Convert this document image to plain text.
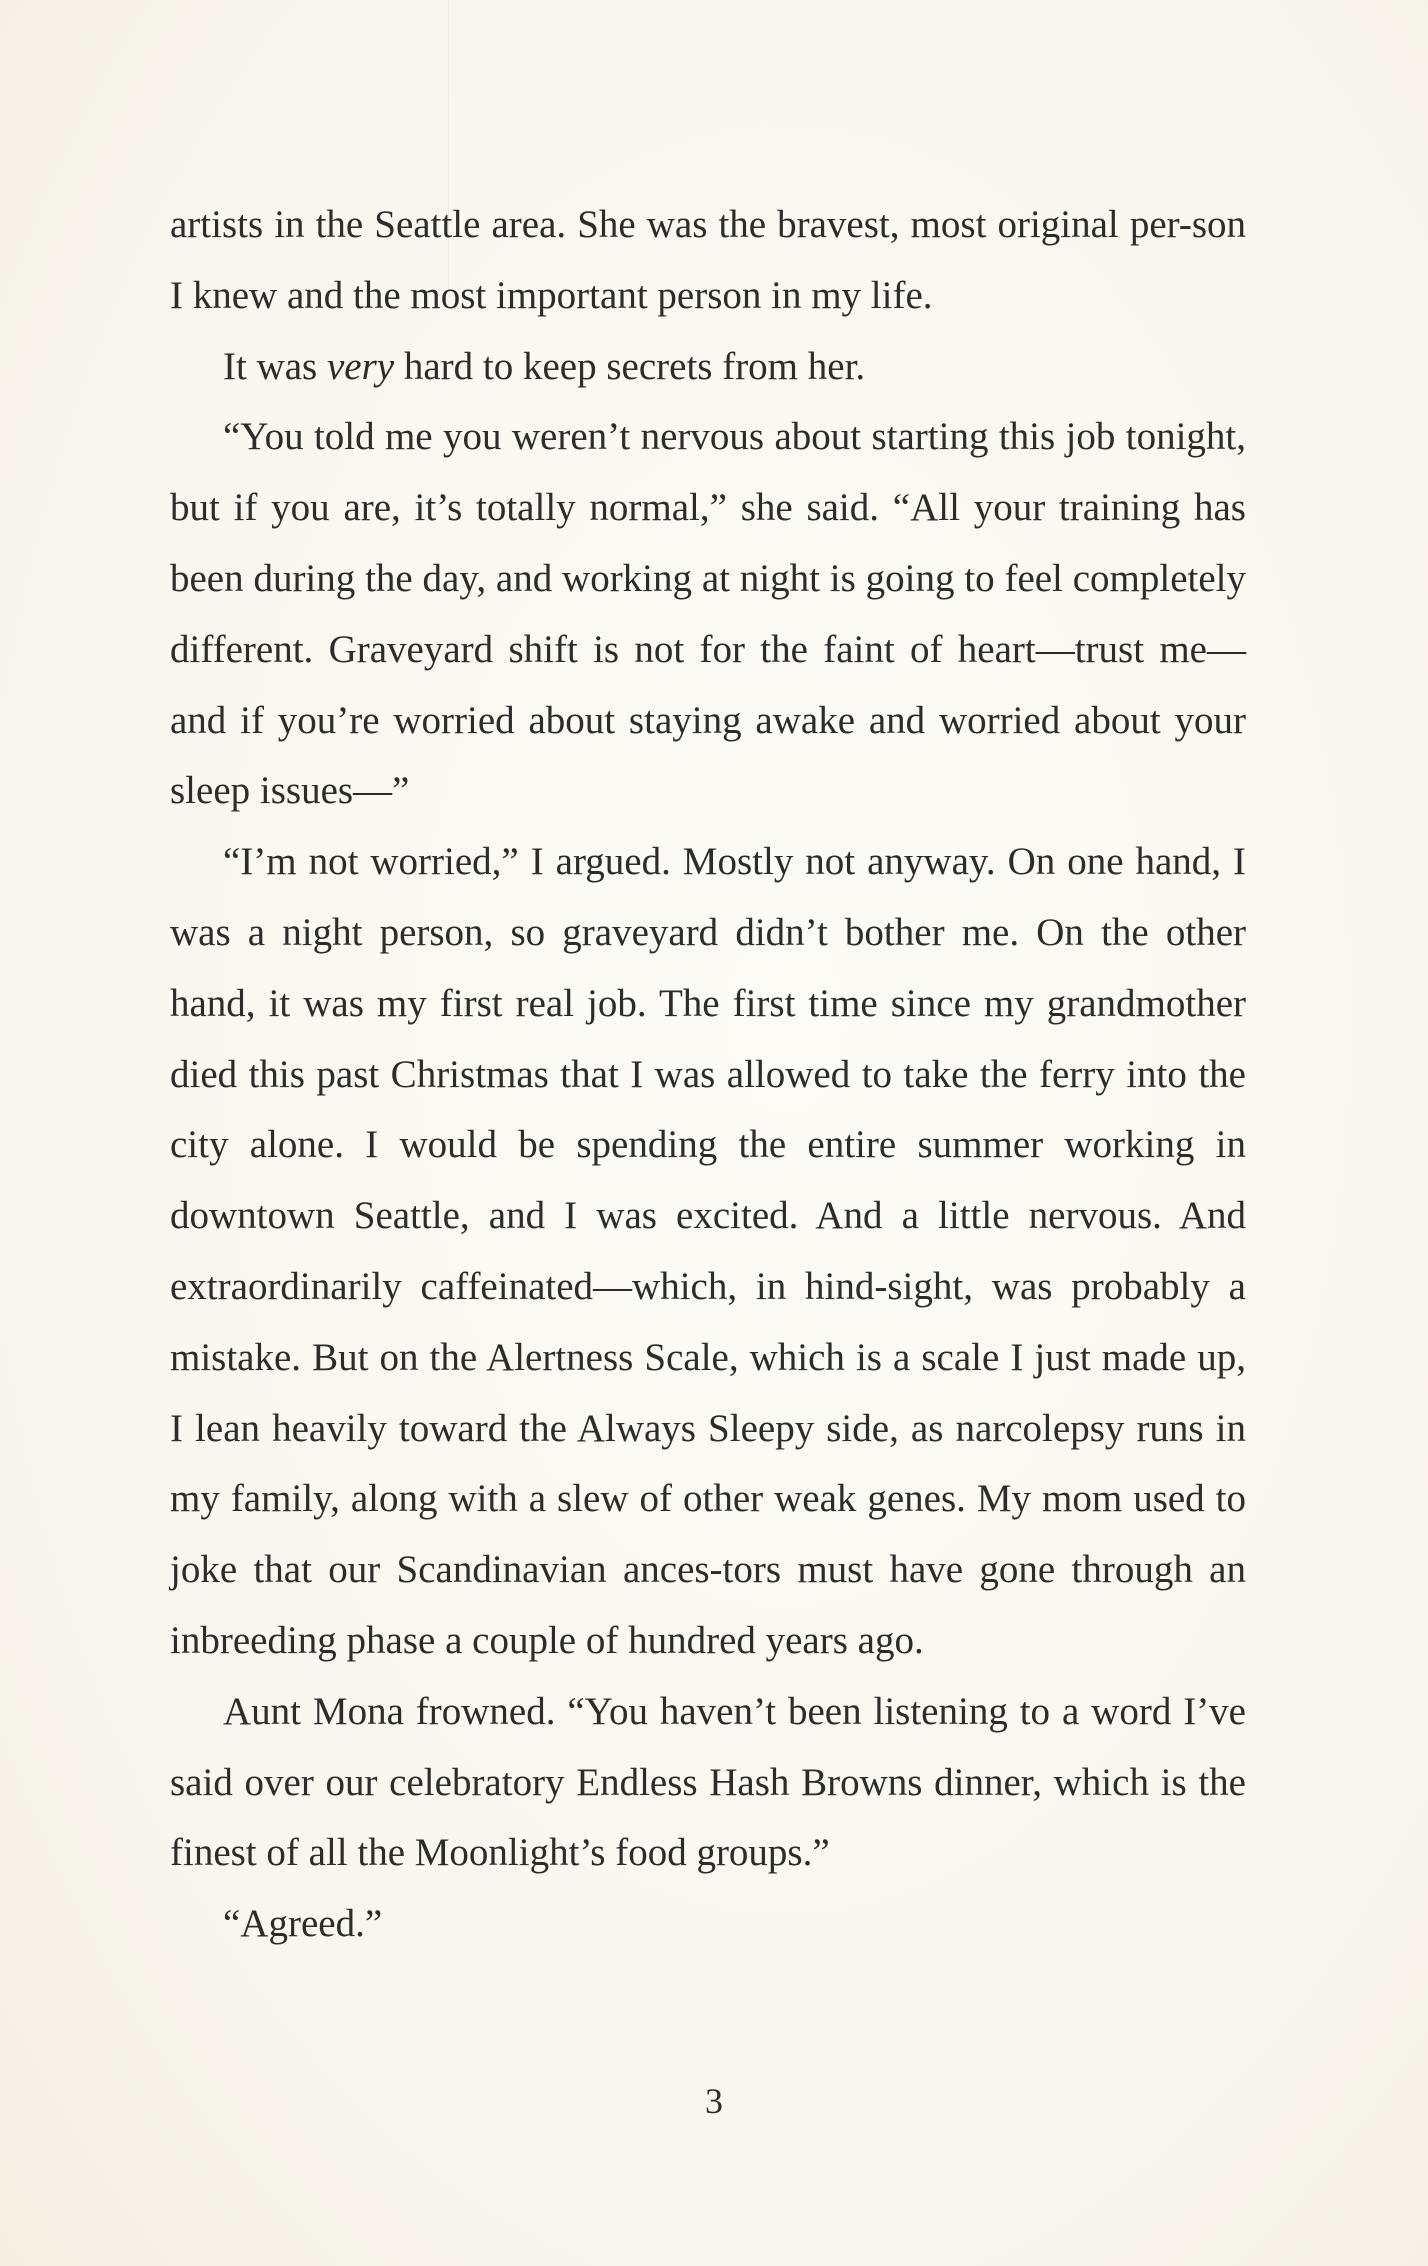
artists in the Seattle area. She was the bravest, most original per-son I knew and the most important person in my life.

It was very hard to keep secrets from her.

“You told me you weren’t nervous about starting this job tonight, but if you are, it’s totally normal,” she said. “All your training has been during the day, and working at night is going to feel completely different. Graveyard shift is not for the faint of heart—trust me—and if you’re worried about staying awake and worried about your sleep issues—”

“I’m not worried,” I argued. Mostly not anyway. On one hand, I was a night person, so graveyard didn’t bother me. On the other hand, it was my first real job. The first time since my grandmother died this past Christmas that I was allowed to take the ferry into the city alone. I would be spending the entire summer working in downtown Seattle, and I was excited. And a little nervous. And extraordinarily caffeinated—which, in hind-sight, was probably a mistake. But on the Alertness Scale, which is a scale I just made up, I lean heavily toward the Always Sleepy side, as narcolepsy runs in my family, along with a slew of other weak genes. My mom used to joke that our Scandinavian ances-tors must have gone through an inbreeding phase a couple of hundred years ago.

Aunt Mona frowned. “You haven’t been listening to a word I’ve said over our celebratory Endless Hash Browns dinner, which is the finest of all the Moonlight’s food groups.”

“Agreed.”

3
